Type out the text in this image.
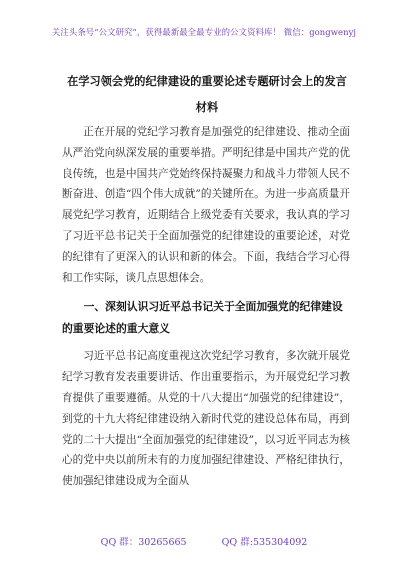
关注头条号“公文研究”，获得最新最全最专业的公文资料库！ 微信：gongwenyj
在学习领会党的纪律建设的重要论述专题研讨会上的发言材料

正在开展的党纪学习教育是加强党的纪律建设、推动全面从严治党向纵深发展的重要举措。严明纪律是中国共产党的优良传统，也是中国共产党始终保持凝聚力和战斗力带领人民不断奋进、创造“四个伟大成就”的关键所在。为进一步高质量开展党纪学习教育，近期结合上级党委有关要求，我认真的学习了习近平总书记关于全面加强党的纪律建设的重要论述，对党的纪律有了更深入的认识和新的体会。下面，我结合学习心得和工作实际，谈几点思想体会。

一、深刻认识习近平总书记关于全面加强党的纪律建设的重要论述的重大意义

习近平总书记高度重视这次党纪学习教育，多次就开展党纪学习教育发表重要讲话、作出重要指示，为开展党纪学习教育提供了重要遵循。从党的十八大提出“加强党的纪律建设”，到党的十九大将纪律建设纳入新时代党的建设总体布局，再到党的二十大提出“全面加强党的纪律建设”，以习近平同志为核心的党中央以前所未有的力度加强纪律建设、严格纪律执行，使加强纪律建设成为全面从

QQ 群：30265665	QQ 群:535304092
